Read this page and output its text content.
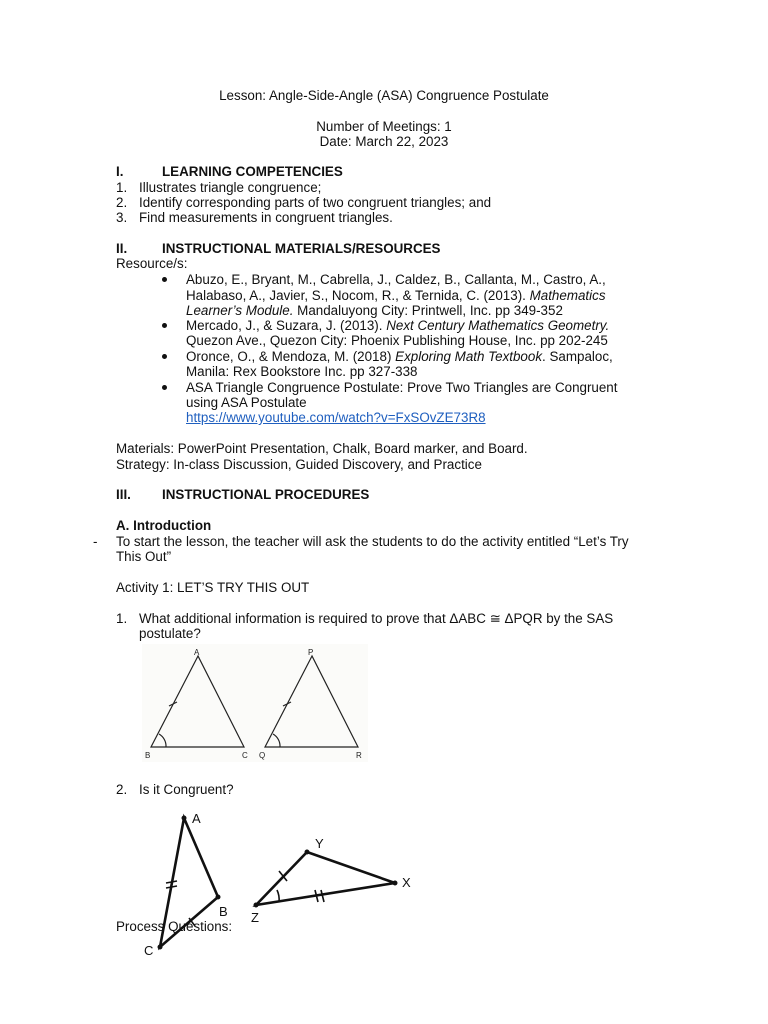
Lesson: Angle-Side-Angle (ASA) Congruence Postulate
Number of Meetings: 1
Date: March 22, 2023
I.	LEARNING COMPETENCIES
1. Illustrates triangle congruence;
2. Identify corresponding parts of two congruent triangles; and
3. Find measurements in congruent triangles.
II.	INSTRUCTIONAL MATERIALS/RESOURCES
Resource/s:
Abuzo, E., Bryant, M., Cabrella, J., Caldez, B., Callanta, M., Castro, A.,
Halabaso, A., Javier, S., Nocom, R., & Ternida, C. (2013). Mathematics
Learner’s Module. Mandaluyong City: Printwell, Inc. pp 349-352
Mercado, J., & Suzara, J. (2013). Next Century Mathematics Geometry.
Quezon Ave., Quezon City: Phoenix Publishing House, Inc. pp 202-245
Oronce, O., & Mendoza, M. (2018) Exploring Math Textbook. Sampaloc,
Manila: Rex Bookstore Inc. pp 327-338
ASA Triangle Congruence Postulate: Prove Two Triangles are Congruent
using ASA Postulate
https://www.youtube.com/watch?v=FxSOvZE73R8
Materials: PowerPoint Presentation, Chalk, Board marker, and Board.
Strategy: In-class Discussion, Guided Discovery, and Practice
III. INSTRUCTIONAL PROCEDURES
A. Introduction
- To start the lesson, the teacher will ask the students to do the activity entitled “Let’s Try
This Out”
Activity 1: LET’S TRY THIS OUT
1. What additional information is required to prove that ΔABC ≅ ΔPQR by the SAS
postulate?
A
B	C
P
Q	R
2. Is it Congruent?
A
B
C
Y
X
Z
Process Questions:
